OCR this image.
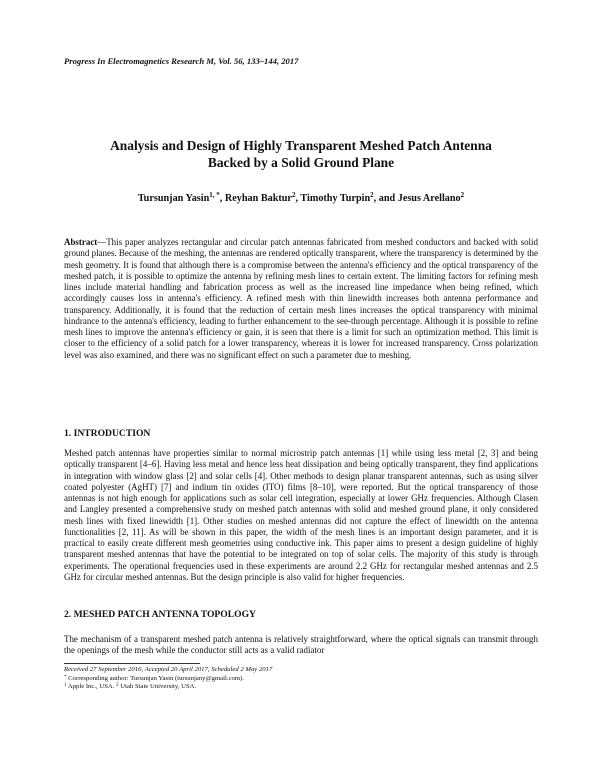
Progress In Electromagnetics Research M, Vol. 56, 133–144, 2017
Analysis and Design of Highly Transparent Meshed Patch Antenna
Backed by a Solid Ground Plane
Tursunjan Yasin$^{1, *}$, Reyhan Baktur$^2$, Timothy Turpin$^2$, and Jesus Arellano$^2$
Abstract—This paper analyzes rectangular and circular patch antennas fabricated from meshed conductors and backed with solid ground planes. Because of the meshing, the antennas are rendered optically transparent, where the transparency is determined by the mesh geometry. It is found that although there is a compromise between the antenna's efficiency and the optical transparency of the meshed patch, it is possible to optimize the antenna by refining mesh lines to certain extent. The limiting factors for refining mesh lines include material handling and fabrication process as well as the increased line impedance when being refined, which accordingly causes loss in antenna's efficiency. A refined mesh with thin linewidth increases both antenna performance and transparency. Additionally, it is found that the reduction of certain mesh lines increases the optical transparency with minimal hindrance to the antenna's efficiency, leading to further enhancement to the see-through percentage. Although it is possible to refine mesh lines to improve the antenna's efficiency or gain, it is seen that there is a limit for such an optimization method. This limit is closer to the efficiency of a solid patch for a lower transparency, whereas it is lower for increased transparency. Cross polarization level was also examined, and there was no significant effect on such a parameter due to meshing.
1. INTRODUCTION
Meshed patch antennas have properties similar to normal microstrip patch antennas [1] while using less metal [2, 3] and being optically transparent [4–6]. Having less metal and hence less heat dissipation and being optically transparent, they find applications in integration with window glass [2] and solar cells [4]. Other methods to design planar transparent antennas, such as using silver coated polyester (AgHT) [7] and indium tin oxides (ITO) films [8–10], were reported. But the optical transparency of those antennas is not high enough for applications such as solar cell integration, especially at lower GHz frequencies. Although Clasen and Langley presented a comprehensive study on meshed patch antennas with solid and meshed ground plane, it only considered mesh lines with fixed linewidth [1]. Other studies on meshed antennas did not capture the effect of linewidth on the antenna functionalities [2, 11]. As will be shown in this paper, the width of the mesh lines is an important design parameter, and it is practical to easily create different mesh geometries using conductive ink. This paper aims to present a design guideline of highly transparent meshed antennas that have the potential to be integrated on top of solar cells. The majority of this study is through experiments. The operational frequencies used in these experiments are around 2.2 GHz for rectangular meshed antennas and 2.5 GHz for circular meshed antennas. But the design principle is also valid for higher frequencies.
2. MESHED PATCH ANTENNA TOPOLOGY
The mechanism of a transparent meshed patch antenna is relatively straightforward, where the optical signals can transmit through the openings of the mesh while the conductor still acts as a valid radiator
Received 27 September 2016, Accepted 20 April 2017, Scheduled 2 May 2017
* Corresponding author: Tursunjan Yasin (tursunjany@gmail.com).
$^1$ Apple Inc., USA. $^2$ Utah State University, USA.
